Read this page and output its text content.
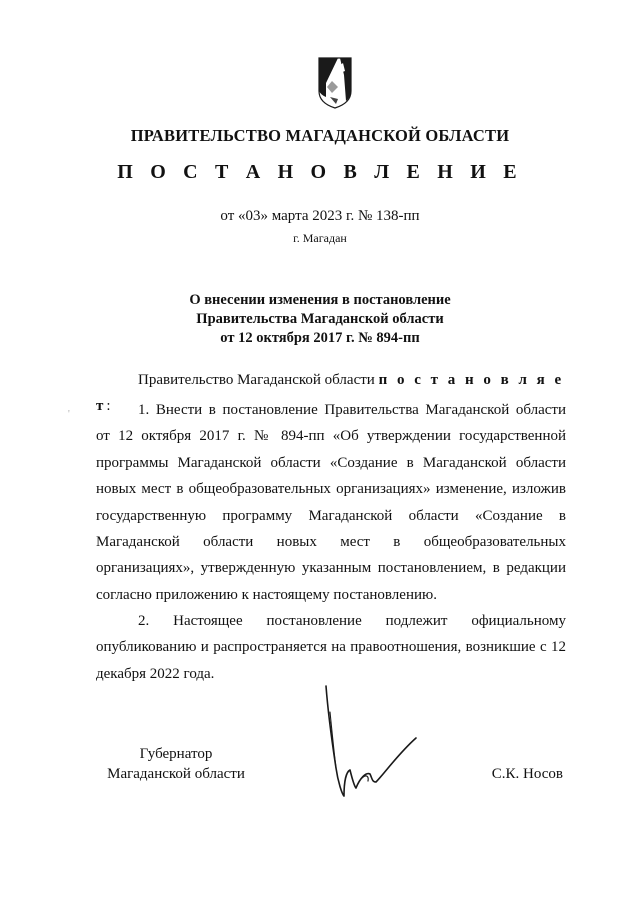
ПРАВИТЕЛЬСТВО МАГАДАНСКОЙ ОБЛАСТИ
П О С Т А Н О В Л Е Н И Е
от «03» марта 2023 г. № 138-пп
г. Магадан
О внесении изменения в постановление
Правительства Магаданской области
от 12 октября 2017 г. № 894-пп
Правительство Магаданской области п о с т а н о в л я е т:
'	1. Внести в постановление Правительства Магаданской области от 12 октября 2017 г. № 894-пп «Об утверждении государственной программы Магаданской области «Создание в Магаданской области новых мест в общеобразовательных организациях» изменение, изложив государственную программу Магаданской области «Создание в Магаданской области новых мест в общеобразовательных организациях», утвержденную указанным постановлением, в редакции согласно приложению к настоящему постановлению.
2. Настоящее постановление подлежит официальному опубликованию и распространяется на правоотношения, возникшие с 12 декабря 2022 года.
Губернатор
Магаданской области	С.К. Носов
